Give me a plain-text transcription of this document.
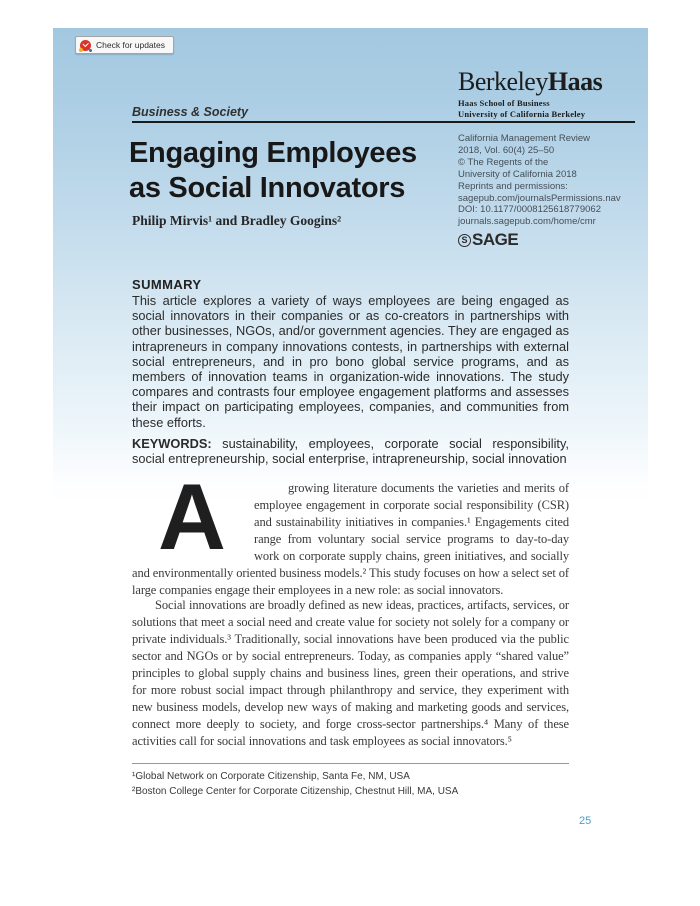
Check for updates
BerkeleyHaas
Haas School of Business
University of California Berkeley
Business & Society
Engaging Employees
as Social Innovators
Philip Mirvis¹ and Bradley Googins²
California Management Review
2018, Vol. 60(4) 25–50
© The Regents of the
University of California 2018
Reprints and permissions:
sagepub.com/journalsPermissions.nav
DOI: 10.1177/0008125618779062
journals.sagepub.com/home/cmr
S SAGE
SUMMARY
This article explores a variety of ways employees are being engaged as social innovators in their companies or as co-creators in partnerships with other businesses, NGOs, and/or government agencies. They are engaged as intrapreneurs in company innovations contests, in partnerships with external social entrepreneurs, and in pro bono global service programs, and as members of innovation teams in organization-wide innovations. The study compares and contrasts four employee engagement platforms and assesses their impact on participating employees, companies, and communities from these efforts.
KEYWORDS: sustainability, employees, corporate social responsibility, social entrepreneurship, social enterprise, intrapreneurship, social innovation

A	growing literature documents the varieties and merits of employee engagement in corporate social responsibility (CSR) and sustainability initiatives in companies.¹ Engagements cited range from voluntary social service programs to day-to-day work on corporate supply chains, green initiatives, and socially and environmentally oriented business models.² This study focuses on how a select set of large companies engage their employees in a new role: as social innovators.

Social innovations are broadly defined as new ideas, practices, artifacts, services, or solutions that meet a social need and create value for society not solely for a company or private individuals.³ Traditionally, social innovations have been produced via the public sector and NGOs or by social entrepreneurs. Today, as companies apply “shared value” principles to global supply chains and business lines, green their operations, and strive for more robust social impact through philanthropy and service, they experiment with new business models, develop new ways of making and marketing goods and services, connect more deeply to society, and forge cross-sector partnerships.⁴ Many of these activities call for social innovations and task employees as social innovators.⁵

¹Global Network on Corporate Citizenship, Santa Fe, NM, USA
²Boston College Center for Corporate Citizenship, Chestnut Hill, MA, USA
25
